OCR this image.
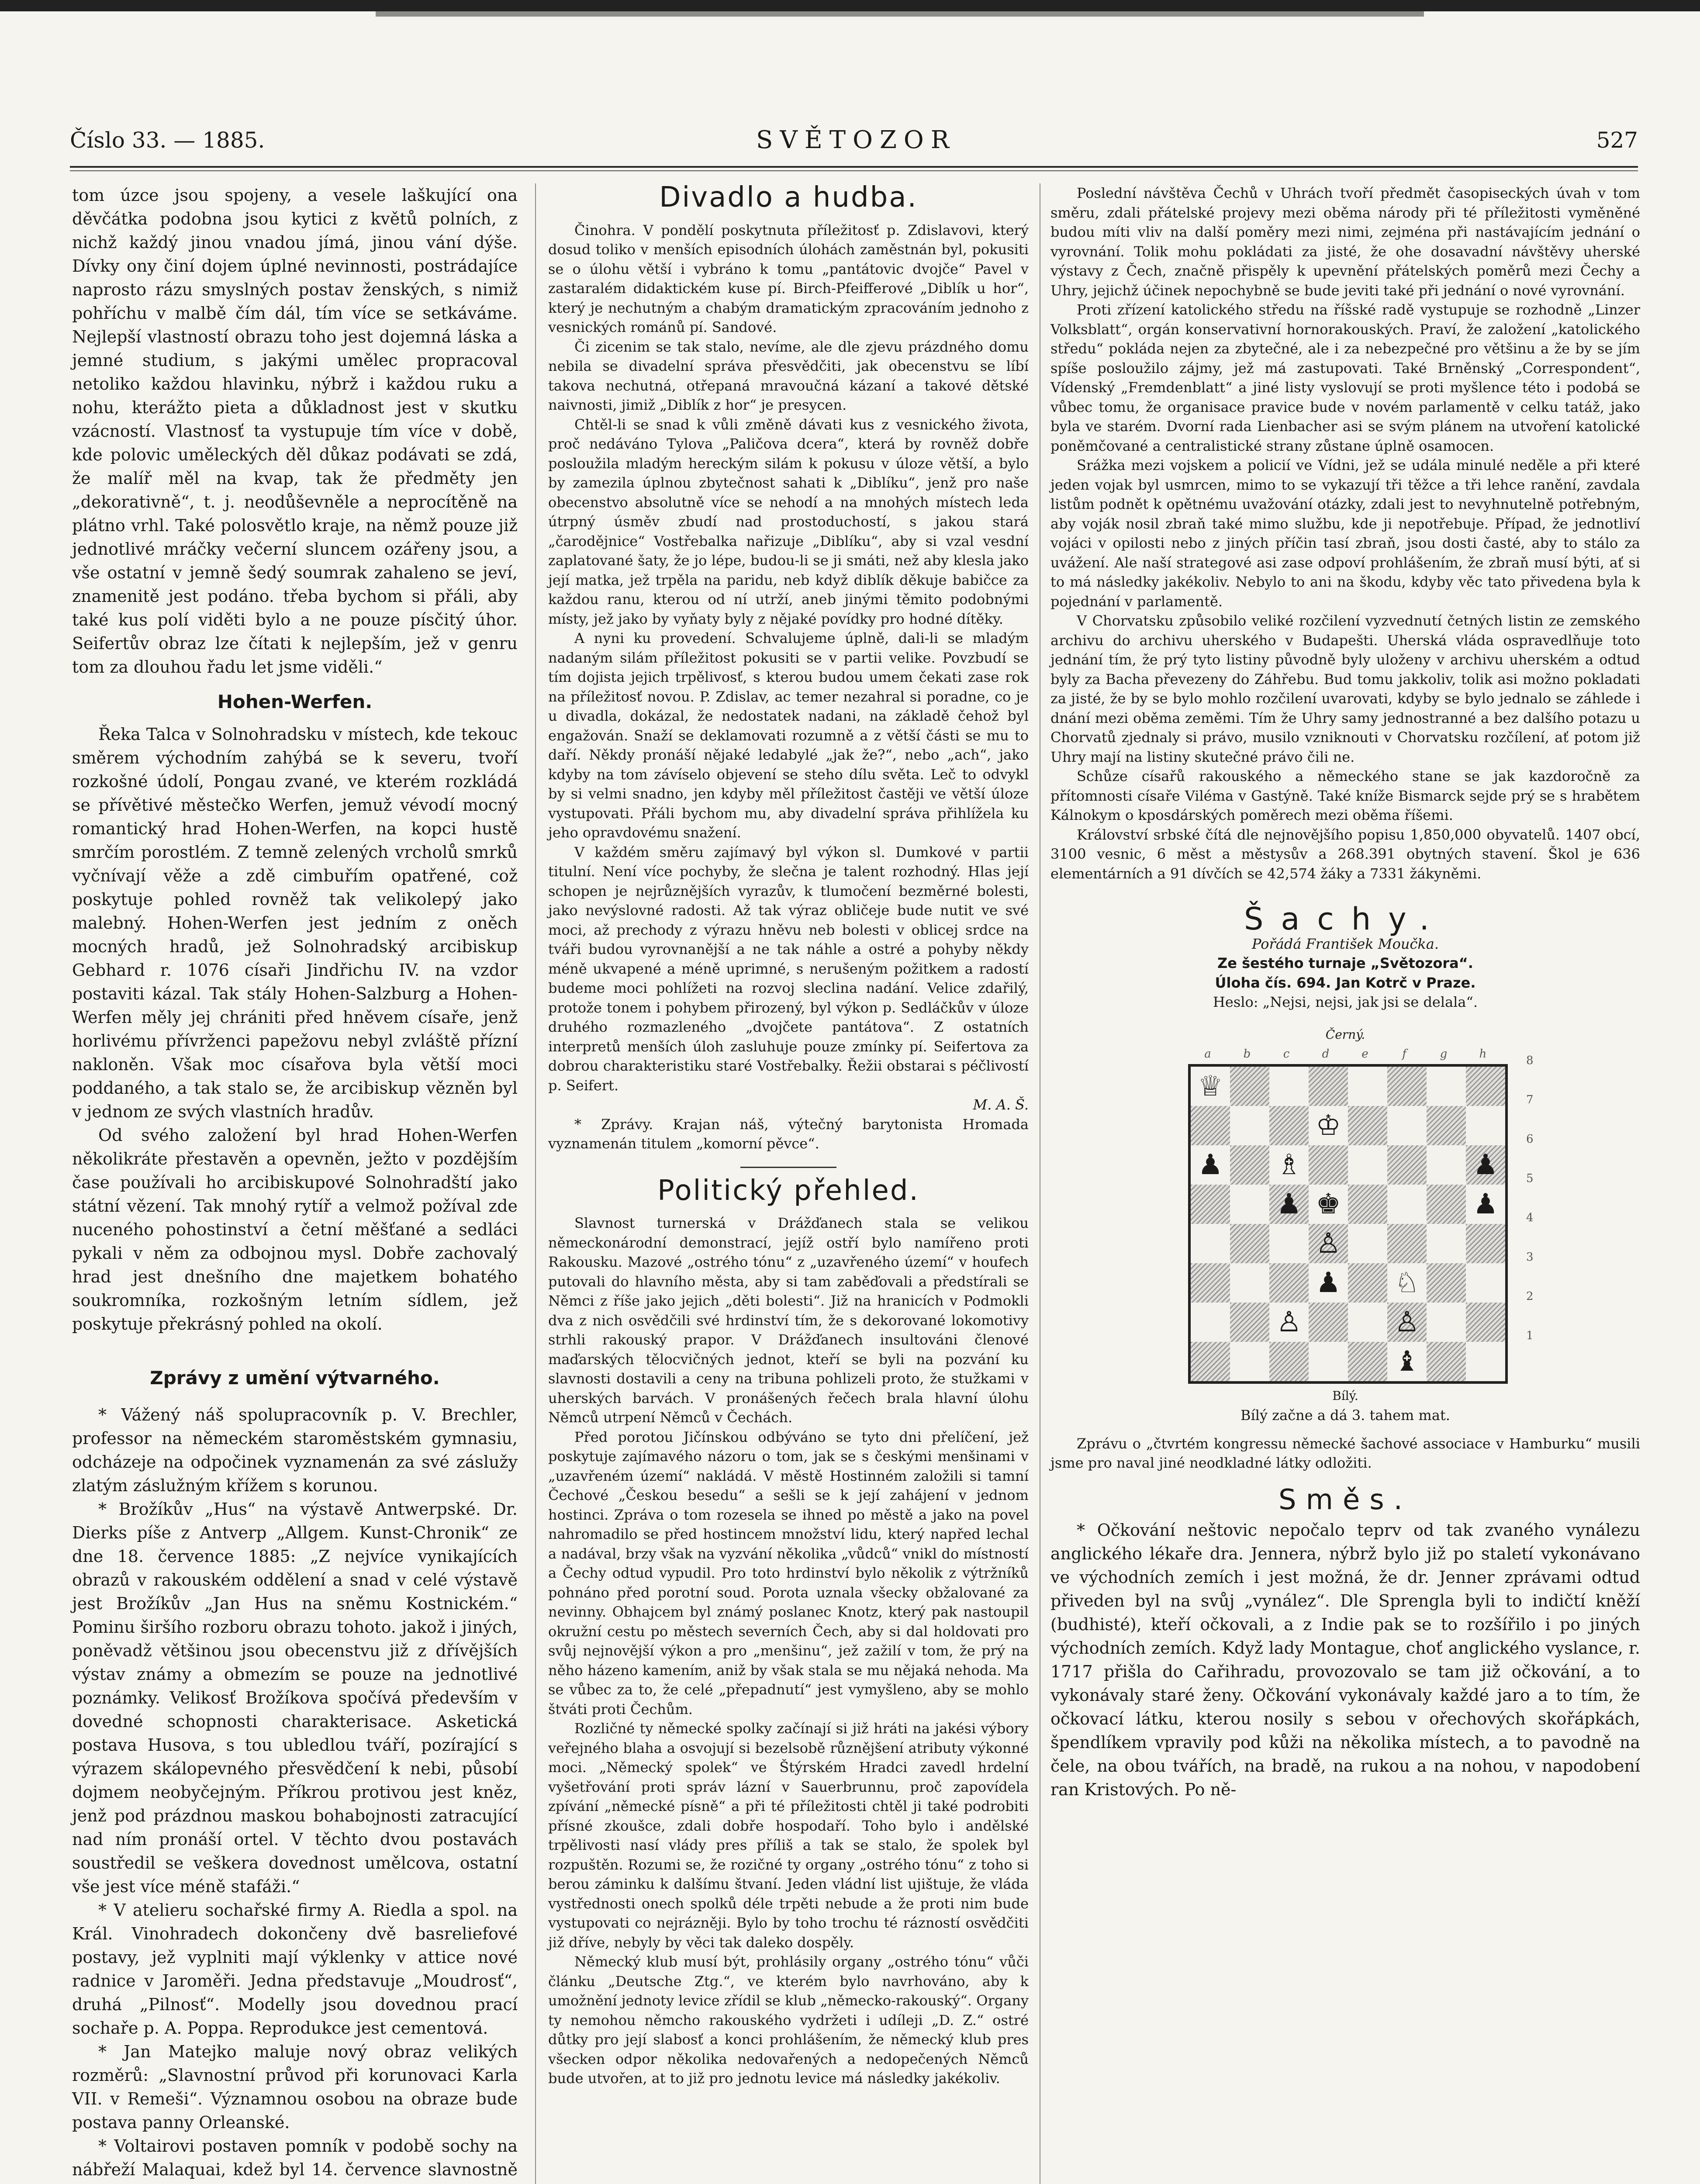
Číslo 33. — 1885.	SVĚTOZOR	527

tom úzce jsou spojeny, a vesele laškující ona děvčátka podobna jsou kytici z květů polních, z nichž každý jinou vnadou jímá, jinou vání dýše. Dívky ony činí dojem úplné nevinnosti, postrádajíce naprosto rázu smyslných postav ženských, s nimiž pohříchu v malbě čím dál, tím více se setkáváme. Nejlepší vlastností obrazu toho jest dojemná láska a jemné studium, s jakými umělec propracoval netoliko každou hlavinku, nýbrž i každou ruku a nohu, kterážto pieta a důkladnost jest v skutku vzácností. Vlastnosť ta vystupuje tím více v době, kde polovic uměleckých děl důkaz podávati se zdá, že malíř měl na kvap, tak že předměty jen „dekorativně“, t. j. neodůševněle a neprocítěně na plátno vrhl. Také polosvětlo kraje, na němž pouze již jednotlivé mráčky večerní sluncem ozářeny jsou, a vše ostatní v jemně šedý soumrak zahaleno se jeví, znamenitě jest podáno. třeba bychom si přáli, aby také kus polí viděti bylo a ne pouze písčitý úhor. Seifertův obraz lze čítati k nejlepším, jež v genru tom za dlouhou řadu let jsme viděli.“

Hohen-Werfen.

Řeka Talca v Solnohradsku v místech, kde tekouc směrem východním zahýbá se k severu, tvoří rozkošné údolí, Pongau zvané, ve kterém rozkládá se přívětivé městečko Werfen, jemuž vévodí mocný romantický hrad Hohen-Werfen, na kopci hustě smrčím porostlém. Z temně zelených vrcholů smrků vyčnívají věže a zdě cimbuřím opatřené, což poskytuje pohled rovněž tak velikolepý jako malebný. Hohen-Werfen jest jedním z oněch mocných hradů, jež Solnohradský arcibiskup Gebhard r. 1076 císaři Jindřichu IV. na vzdor postaviti kázal. Tak stály Hohen-Salzburg a Hohen-Werfen měly jej chrániti před hněvem císaře, jenž horlivému přívrženci papežovu nebyl zvláště přízní nakloněn. Však moc císařova byla větší moci poddaného, a tak stalo se, že arcibiskup vězněn byl v jednom ze svých vlastních hradův.

Od svého založení byl hrad Hohen-Werfen několikráte přestavěn a opevněn, ježto v pozdějším čase používali ho arcibiskupové Solnohradští jako státní vězení. Tak mnohý rytíř a velmož požíval zde nuceného pohostinství a četní měšťané a sedláci pykali v něm za odbojnou mysl. Dobře zachovalý hrad jest dnešního dne majetkem bohatého soukromníka, rozkošným letním sídlem, jež poskytuje překrásný pohled na okolí.

Zprávy z umění výtvarného.

* Vážený náš spolupracovník p. V. Brechler, professor na německém staroměstském gymnasiu, odcházeje na odpočinek vyznamenán za své záslužy zlatým záslužným křížem s korunou.

* Brožíkův „Hus“ na výstavě Antwerpské. Dr. Dierks píše z Antverp „Allgem. Kunst-Chronik“ ze dne 18. července 1885: „Z nejvíce vynikajících obrazů v rakouském oddělení a snad v celé výstavě jest Brožíkův „Jan Hus na sněmu Kostnickém.“ Pominu širšího rozboru obrazu tohoto. jakož i jiných, poněvadž většinou jsou obecenstvu již z dřívějších výstav známy a obmezím se pouze na jednotlivé poznámky. Velikosť Brožíkova spočívá především v dovedné schopnosti charakterisace. Asketická postava Husova, s tou ubledlou tváří, pozírající s výrazem skálopevného přesvědčení k nebi, působí dojmem neobyčejným. Příkrou protivou jest kněz, jenž pod prázdnou maskou bohabojnosti zatracující nad ním pronáší ortel. V těchto dvou postavách soustředil se veškera dovednost umělcova, ostatní vše jest více méně stafáži.“

* V atelieru sochařské firmy A. Riedla a spol. na Král. Vinohradech dokončeny dvě basreliefové postavy, jež vyplniti mají výklenky v attice nové radnice v Jaroměři. Jedna představuje „Moudrosť“, druhá „Pilnosť“. Modelly jsou dovednou prací sochaře p. A. Poppa. Reprodukce jest cementová.

* Jan Matejko maluje nový obraz velikých rozměrů: „Slavnostní průvod při korunovaci Karla VII. v Remeši“. Významnou osobou na obraze bude postava panny Orleanské.

* Voltairovi postaven pomník v podobě sochy na nábřeží Malaquai, kdež byl 14. července slavnostně

Divadlo a hudba.

Činohra. V pondělí poskytnuta příležitosť p. Zdislavovi, který dosud toliko v menších episodních úlohách zaměstnán byl, pokusiti se o úlohu větší i vybráno k tomu „pantátovic dvojče“ Pavel v zastaralém didaktickém kuse pí. Birch-Pfeifferové „Diblík u hor“, který je nechutným a chabým dramatickým zpracováním jednoho z vesnických románů pí. Sandové.

Či zicenim se tak stalo, nevíme, ale dle zjevu prázdného domu nebila se divadelní správa přesvědčiti, jak obecenstvu se líbí takova nechutná, otřepaná mravoučná kázaní a takové dětské naivnosti, jimiž „Diblík z hor“ je presycen.

Chtěl-li se snad k vůli změně dávati kus z vesnického života, proč nedáváno Tylova „Paličova dcera“, která by rovněž dobře posloužila mladým hereckým silám k pokusu v úloze větší, a bylo by zamezila úplnou zbytečnost sahati k „Diblíku“, jenž pro naše obecenstvo absolutně více se nehodí a na mnohých místech leda útrpný úsměv zbudí nad prostoduchostí, s jakou stará „čarodějnice“ Vostřebalka nařizuje „Diblíku“, aby si vzal vesdní zaplatované šaty, že jo lépe, budou-li se ji smáti, než aby klesla jako její matka, jež trpěla na paridu, neb když diblík děkuje babičce za každou ranu, kterou od ní utrží, aneb jinými těmito podobnými místy, jež jako by vyňaty byly z nějaké povídky pro hodné dítěky.

A nyni ku provedení. Schvalujeme úplně, dali-li se mladým nadaným silám příležitost pokusiti se v partii velike. Povzbudí se tím dojista jejich trpělivosť, s kterou budou umem čekati zase rok na příležitosť novou. P. Zdislav, ac temer nezahral si poradne, co je u divadla, dokázal, že nedostatek nadani, na základě čehož byl engažován. Snaží se deklamovati rozumně a z větší části se mu to daří. Někdy pronáší nějaké ledabylé „jak že?“, nebo „ach“, jako kdyby na tom závíselo objevení se steho dílu světa. Leč to odvykl by si velmi snadno, jen kdyby měl příležitost častěji ve větší úloze vystupovati. Přáli bychom mu, aby divadelní správa přihlížela ku jeho opravdovému snažení.

V každém směru zajímavý byl výkon sl. Dumkové v partii titulní. Není více pochyby, že slečna je talent rozhodný. Hlas její schopen je nejrůznějších vyrazův, k tlumočení bezměrné bolesti, jako nevýslovné radosti. Až tak výraz obličeje bude nutit ve své moci, až prechody z výrazu hněvu neb bolesti v oblicej srdce na tváři budou vyrovnanější a ne tak náhle a ostré a pohyby někdy méně ukvapené a méně uprimné, s nerušeným požitkem a radostí budeme moci pohlížeti na rozvoj sleclina nadání. Velice zdařilý, protože tonem i pohybem přirozený, byl výkon p. Sedláčkův v úloze druhého rozmazleného „dvojčete pantátova“. Z ostatních interpretů menších úloh zasluhuje pouze zmínky pí. Seifertova za dobrou charakteristiku staré Vostřebalky. Řežii obstarai s péčlivostí p. Seifert.

M. A. Š.

* Zprávy. Krajan náš, výtečný barytonista Hromada vyznamenán titulem „komorní pěvce“.

Politický přehled.

Slavnost turnerská v Drážďanech stala se velikou německonárodní demonstrací, jejíž ostří bylo namířeno proti Rakousku. Mazové „ostrého tónu“ z „uzavřeného území“ v houfech putovali do hlavního města, aby si tam zaběďovali a předstírali se Němci z říše jako jejich „děti bolesti“. Již na hranicích v Podmokli dva z nich osvědčili své hrdinství tím, že s dekorované lokomotivy strhli rakouský prapor. V Drážďanech insultováni členové maďarských tělocvičných jednot, kteří se byli na pozvání ku slavnosti dostavili a ceny na tribuna pohlizeli proto, že stužkami v uherských barvách. V pronášených řečech brala hlavní úlohu Němců utrpení Němců v Čechách.

Před porotou Jičínskou odbýváno se tyto dni přelíčení, jež poskytuje zajímavého názoru o tom, jak se s českými menšinami v „uzavřeném území“ nakládá. V městě Hostinném založili si tamní Čechové „Českou besedu“ a sešli se k její zahájení v jednom hostinci. Zpráva o tom rozesela se ihned po městě a jako na povel nahromadilo se před hostincem množství lidu, který napřed lechal a nadával, brzy však na vyzvání několika „vůdců“ vnikl do místností a Čechy odtud vypudil. Pro toto hrdinství bylo několik z výtržníků pohnáno před porotní soud. Porota uznala všecky obžalované za nevinny. Obhajcem byl známý poslanec Knotz, který pak nastoupil okružní cestu po městech severních Čech, aby si dal holdovati pro svůj nejnovější výkon a pro „menšinu“, jež zažilí v tom, že prý na něho házeno kamením, aniž by však stala se mu nějaká nehoda. Ma se vůbec za to, že celé „přepadnutí“ jest vymyšleno, aby se mohlo štváti proti Čechům.

Rozličné ty německé spolky začínají si již hráti na jakési výbory veřejného blaha a osvojují si bezelsobě různějšení atributy výkonné moci. „Německý spolek“ ve Štýrském Hradci zavedl hrdelní vyšetřování proti správ lázní v Sauerbrunnu, proč zapovídela zpívání „německé písně“ a při té příležitosti chtěl ji také podrobiti přísné zkoušce, zdali dobře hospodaří. Toho bylo i andělské trpělivosti nasí vlády pres příliš a tak se stalo, že spolek byl rozpuštěn. Rozumi se, že rozičné ty organy „ostrého tónu“ z toho si berou záminku k dalšímu štvaní. Jeden vládní list ujištuje, že vláda vystřednosti onech spolků déle trpěti nebude a že proti nim bude vystupovati co nejrázněji. Bylo by toho trochu té rázností osvědčiti již dříve, nebyly by věci tak daleko dospěly.

Německý klub musí být, prohlásily organy „ostrého tónu“ vůči článku „Deutsche Ztg.“, ve kterém bylo navrhováno, aby k umožnění jednoty levice zřídil se klub „německo-rakouský“. Organy ty nemohou němcho rakouského vydržeti i udíleji „D. Z.“ ostré důtky pro její slabosť a konci prohlášením, že německý klub pres všecken odpor několika nedovařených a nedopečených Němců bude utvořen, at to již pro jednotu levice má následky jakékoliv.

Poslední návštěva Čechů v Uhrách tvoří předmět časopiseckých úvah v tom směru, zdali přátelské projevy mezi oběma národy při té příležitosti vyměněné budou míti vliv na další poměry mezi nimi, zejména při nastávajícím jednání o vyrovnání. Tolik mohu pokládati za jisté, že ohe dosavadní návštěvy uherské výstavy z Čech, značně přispěly k upevnění přátelských poměrů mezi Čechy a Uhry, jejichž účinek nepochybně se bude jeviti také při jednání o nové vyrovnání.

Proti zřízení katolického středu na říšské radě vystupuje se rozhodně „Linzer Volksblatt“, orgán konservativní hornorakouských. Praví, že založení „katolického středu“ pokláda nejen za zbytečné, ale i za nebezpečné pro většinu a že by se jím spíše posloužilo zájmy, jež má zastupovati. Také Brněnský „Correspondent“, Vídenský „Fremdenblatt“ a jiné listy vyslovují se proti myšlence této i podobá se vůbec tomu, že organisace pravice bude v novém parlamentě v celku tatáž, jako byla ve starém. Dvorní rada Lienbacher asi se svým plánem na utvoření katolické poněmčované a centralistické strany zůstane úplně osamocen.

Srážka mezi vojskem a policií ve Vídni, jež se udála minulé neděle a při které jeden vojak byl usmrcen, mimo to se vykazují tři těžce a tři lehce ranění, zavdala listům podnět k opětnému uvažování otázky, zdali jest to nevyhnutelně potřebným, aby voják nosil zbraň také mimo službu, kde ji nepotřebuje. Případ, že jednotliví vojáci v opilosti nebo z jiných příčin tasí zbraň, jsou dosti časté, aby to stálo za uvážení. Ale naší strategové asi zase odpoví prohlášením, že zbraň musí býti, ať si to má následky jakékoliv. Nebylo to ani na škodu, kdyby věc tato přivedena byla k pojednání v parlamentě.

V Chorvatsku způsobilo veliké rozčilení vyzvednutí četných listin ze zemského archivu do archivu uherského v Budapešti. Uherská vláda ospravedlňuje toto jednání tím, že prý tyto listiny původně byly uloženy v archivu uherském a odtud byly za Bacha převezeny do Záhřebu. Bud tomu jakkoliv, tolik asi možno pokladati za jisté, že by se bylo mohlo rozčilení uvarovati, kdyby se bylo jednalo se záhlede i dnání mezi oběma zeměmi. Tím že Uhry samy jednostranné a bez dalšího potazu u Chorvatů zjednaly si právo, musilo vzniknouti v Chorvatsku rozčílení, ať potom již Uhry mají na listiny skutečné právo čili ne.

Schůze císařů rakouského a německého stane se jak kazdoročně za přítomnosti císaře Viléma v Gastýně. Také kníže Bismarck sejde prý se s hrabětem Kálnokym o kposdárských poměrech mezi oběma říšemi.

Království srbské čítá dle nejnovějšího popisu 1,850,000 obyvatelů. 1407 obcí, 3100 vesnic, 6 měst a městysův a 268.391 obytných stavení. Škol je 636 elementárních a 91 dívčích se 42,574 žáky a 7331 žákyněmi.

Šachy.

Pořádá František Moučka.

Ze šestého turnaje „Světozora“.

Úloha čís. 694. Jan Kotrč v Praze.

Heslo: „Nejsi, nejsi, jak jsi se delala“.

Černý.
a	b	c	d	e	f	g	h
♕
♔
♟ ♗	♟
♟ ♚	♟
♙
♟ ♘
♙	♙
♝
8
7
6
5
4
3
2
1
Bílý.

Bílý začne a dá 3. tahem mat.

Zprávu o „čtvrtém kongressu německé šachové associace v Hamburku“ musili jsme pro naval jiné neodkladné látky odložiti.

Směs.

* Očkování neštovic nepočalo teprv od tak zvaného vynálezu anglického lékaře dra. Jennera, nýbrž bylo již po staletí vykonávano ve východních zemích i jest možná, že dr. Jenner zprávami odtud přiveden byl na svůj „vynález“. Dle Sprengla byli to indičtí kněží (budhisté), kteří očkovali, a z Indie pak se to rozšířilo i po jiných východních zemích. Když lady Montague, choť anglického vyslance, r. 1717 přišla do Cařihradu, provozovalo se tam již očkování, a to vykonávaly staré ženy. Očkování vykonávaly každé jaro a to tím, že očkovací látku, kterou nosily s sebou v ořechových skořápkách, špendlíkem vpravily pod kůži na několika místech, a to pavodně na čele, na obou tvářích, na bradě, na rukou a na nohou, v napodobení ran Kristových. Po ně-
